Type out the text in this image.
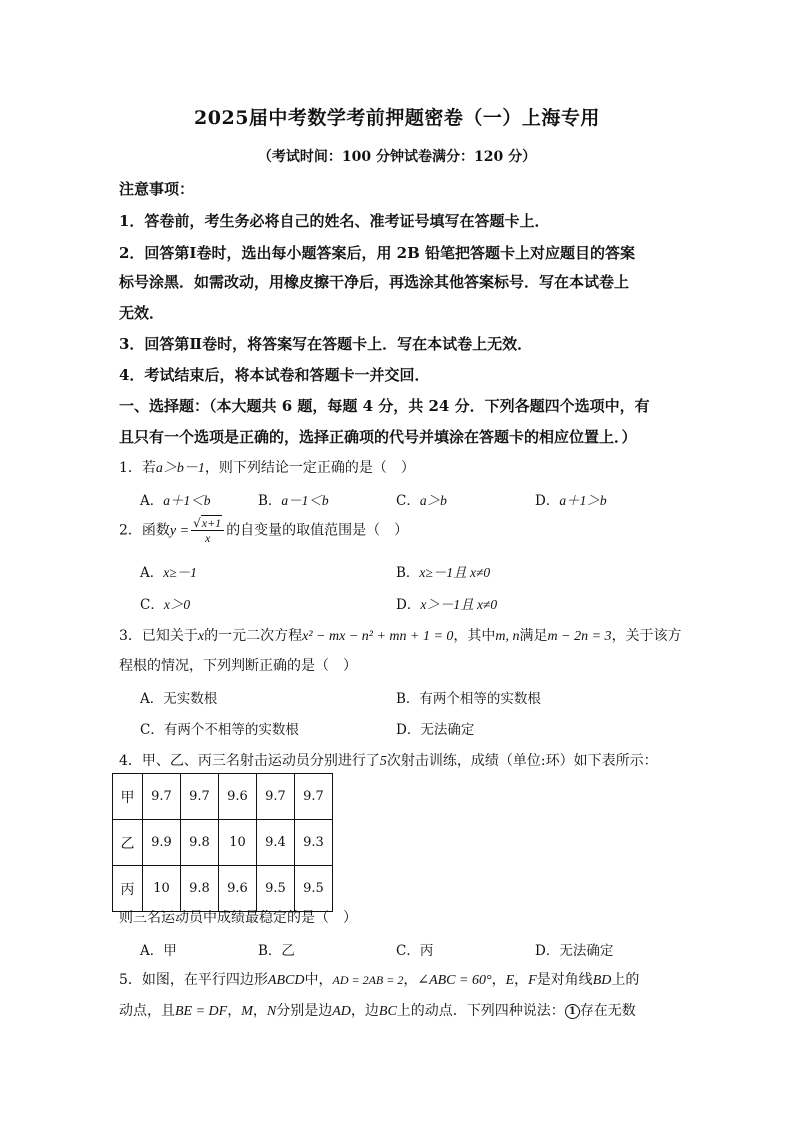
2025届中考数学考前押题密卷（一）上海专用
（考试时间：100 分钟试卷满分：120 分）
注意事项：
1．答卷前，考生务必将自己的姓名、准考证号填写在答题卡上．
2．回答第Ⅰ卷时，选出每小题答案后，用 2B 铅笔把答题卡上对应题目的答案
标号涂黑．如需改动，用橡皮擦干净后，再选涂其他答案标号．写在本试卷上
无效．
3．回答第Ⅱ卷时，将答案写在答题卡上．写在本试卷上无效．
4．考试结束后，将本试卷和答题卡一并交回．
一、选择题：（本大题共 6 题，每题 4 分，共 24 分．下列各题四个选项中，有
且只有一个选项是正确的，选择正确项的代号并填涂在答题卡的相应位置上．）
1．若a＞b－1，则下列结论一定正确的是（　）
A．a＋1＜b	B．a－1＜b	C．a＞b	D．a＋1＞b
2．函数$y = \frac{√x+1}{x}$ 的自变量的取值范围是（　）
A．x≥－1	B．x≥－1且 x≠0
C．x＞0	D．x＞－1且 x≠0
3．已知关于x的一元二次方程x² − mx − n² + mn + 1 = 0，其中m, n满足m − 2n = 3，关于该方
程根的情况，下列判断正确的是（　）
A．无实数根	B．有两个相等的实数根
C．有两个不相等的实数根	D．无法确定
4．甲、乙、丙三名射击运动员分别进行了5次射击训练，成绩（单位:环）如下表所示：
甲	9.7	9.7	9.6	9.7	9.7
乙	9.9	9.8	10	9.4	9.3
丙	10	9.8	9.6	9.5	9.5
则三名运动员中成绩最稳定的是（　）
A．甲	B．乙	C．丙	D．无法确定
5．如图，在平行四边形ABCD中，AD = 2AB = 2，∠ABC = 60°，E，F是对角线BD上的
动点，且BE = DF，M，N分别是边AD，边BC上的动点．下列四种说法： 1 存在无数
